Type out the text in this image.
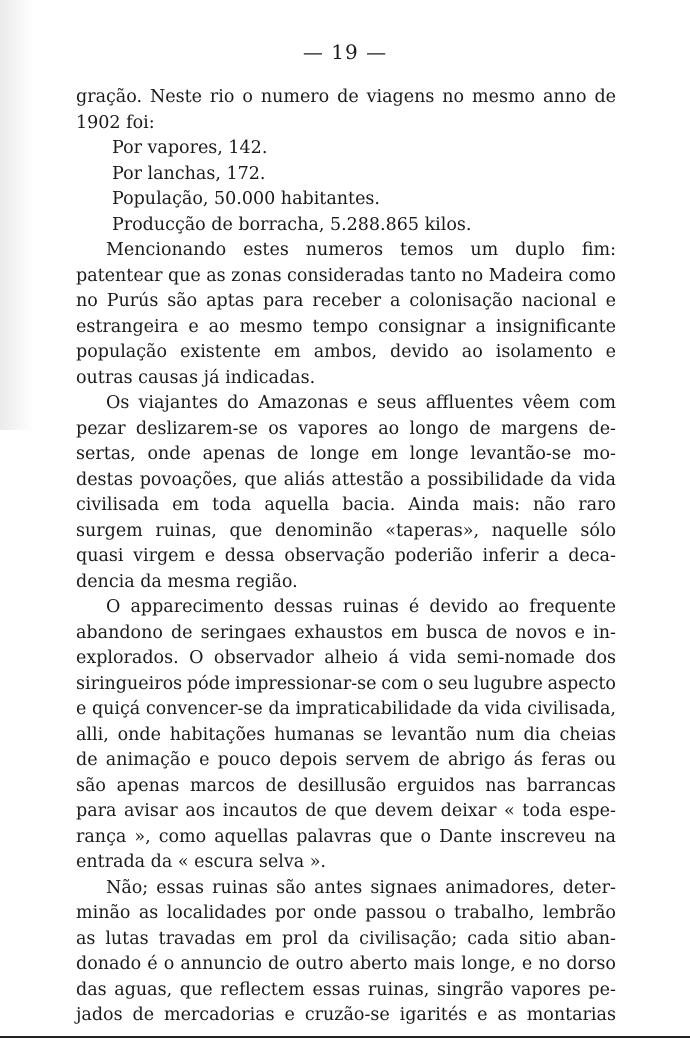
— 19 —
gração. Neste rio o numero de viagens no mesmo anno de
1902 foi:
Por vapores, 142.
Por lanchas, 172.
População, 50.000 habitantes.
Producção de borracha, 5.288.865 kilos.
Mencionando estes numeros temos um duplo fim:
patentear que as zonas consideradas tanto no Madeira como
no Purús são aptas para receber a colonisação nacional e
estrangeira e ao mesmo tempo consignar a insignificante
população existente em ambos, devido ao isolamento e
outras causas já indicadas.
Os viajantes do Amazonas e seus affluentes vêem com
pezar deslizarem-se os vapores ao longo de margens de-
sertas, onde apenas de longe em longe levantão-se mo-
destas povoações, que aliás attestão a possibilidade da vida
civilisada em toda aquella bacia. Ainda mais: não raro
surgem ruinas, que denominão «taperas», naquelle sólo
quasi virgem e dessa observação poderião inferir a deca-
dencia da mesma região.
O apparecimento dessas ruinas é devido ao frequente
abandono de seringaes exhaustos em busca de novos e in-
explorados. O observador alheio á vida semi-nomade dos
siringueiros póde impressionar-se com o seu lugubre aspecto
e quiçá convencer-se da impraticabilidade da vida civilisada,
alli, onde habitações humanas se levantão num dia cheias
de animação e pouco depois servem de abrigo ás feras ou
são apenas marcos de desillusão erguidos nas barrancas
para avisar aos incautos de que devem deixar « toda espe-
rança », como aquellas palavras que o Dante inscreveu na
entrada da « escura selva ».
Não; essas ruinas são antes signaes animadores, deter-
minão as localidades por onde passou o trabalho, lembrão
as lutas travadas em prol da civilisação; cada sitio aban-
donado é o annuncio de outro aberto mais longe, e no dorso
das aguas, que reflectem essas ruinas, singrão vapores pe-
jados de mercadorias e cruzão-se igarités e as montarias
